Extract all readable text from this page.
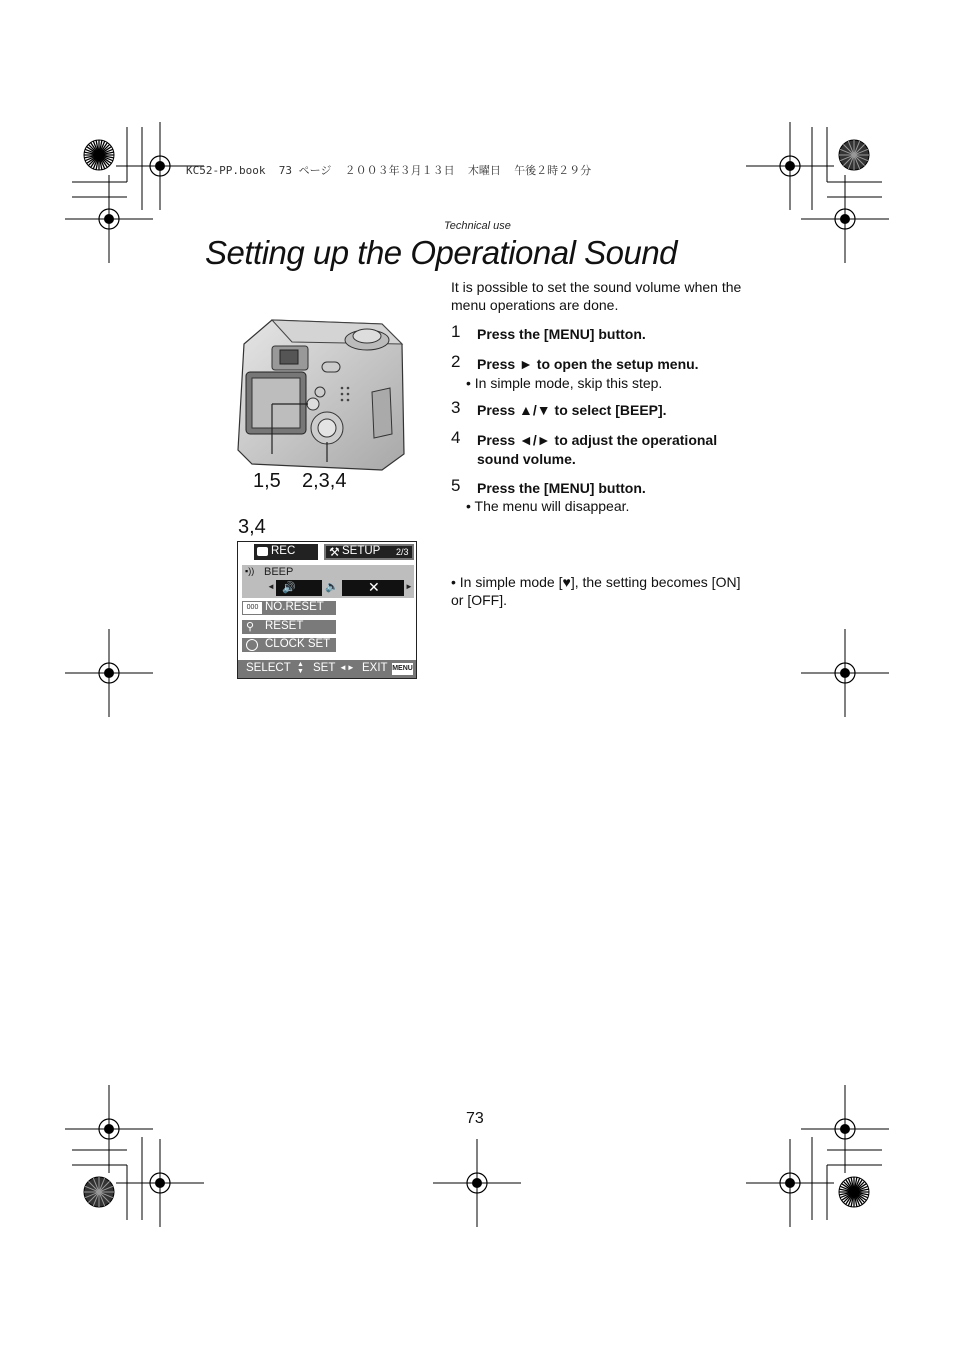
KC52-PP.book  73 ページ  ２００３年３月１３日  木曜日  午後２時２９分
Technical use
Setting up the Operational Sound
1,5 2,3,4
3,4
REC	⚒ SETUP 2/3
▪)) BEEP
◄ 🔊	🔉 ✕	►
000 NO.RESET
⚲ RESET
CLOCK SET
SELECT ▲
▼ SET ◄► EXIT MENU
It is possible to set the sound volume when the menu operations are done.
1 Press the [MENU] button.
2 Press ► to open the setup menu.
• In simple mode, skip this step.
3 Press ▲/▼ to select [BEEP].
4 Press ◄/► to adjust the operational sound volume.
5 Press the [MENU] button.
• The menu will disappear.
• In simple mode [♥], the setting becomes [ON] or [OFF].
73
